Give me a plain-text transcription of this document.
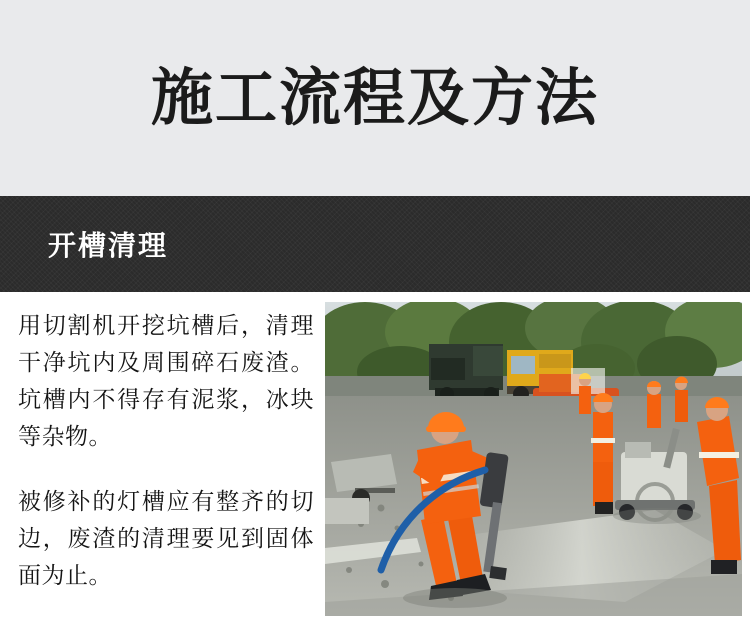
施工流程及方法
开槽清理

用切割机开挖坑槽后，清理干净坑内及周围碎石废渣。坑槽内不得存有泥浆，冰块等杂物。

被修补的灯槽应有整齐的切边，废渣的清理要见到固体面为止。
